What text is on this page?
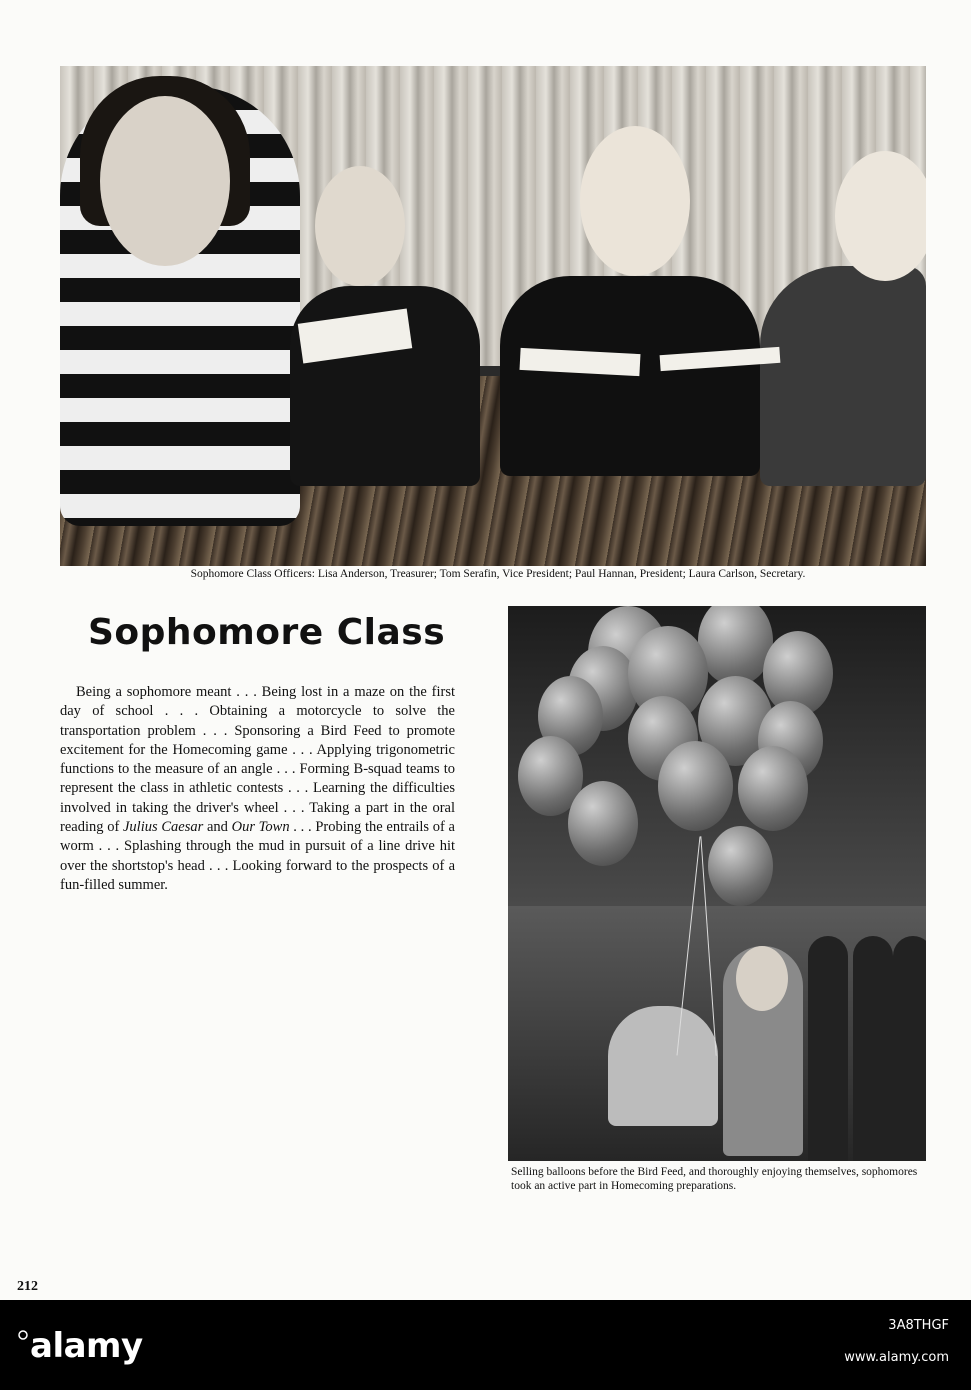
Sophomore Class Officers: Lisa Anderson, Treasurer; Tom Serafin, Vice President; Paul Hannan, President; Laura Carlson, Secretary.

Sophomore Class

Being a sophomore meant . . . Being lost in a maze on the first day of school . . . Obtaining a motorcycle to solve the transportation problem . . . Sponsoring a Bird Feed to promote excitement for the Homecoming game . . . Applying trigonometric functions to the measure of an angle . . . Forming B-squad teams to represent the class in athletic contests . . . Learning the difficulties involved in taking the driver's wheel . . . Taking a part in the oral reading of Julius Caesar and Our Town . . . Probing the entrails of a worm . . . Splashing through the mud in pursuit of a line drive hit over the shortstop's head . . . Looking forward to the prospects of a fun-filled summer.

Selling balloons before the Bird Feed, and thoroughly enjoying themselves, sophomores took an active part in Homecoming preparations.

212

alamy

3A8THGF

www.alamy.com
